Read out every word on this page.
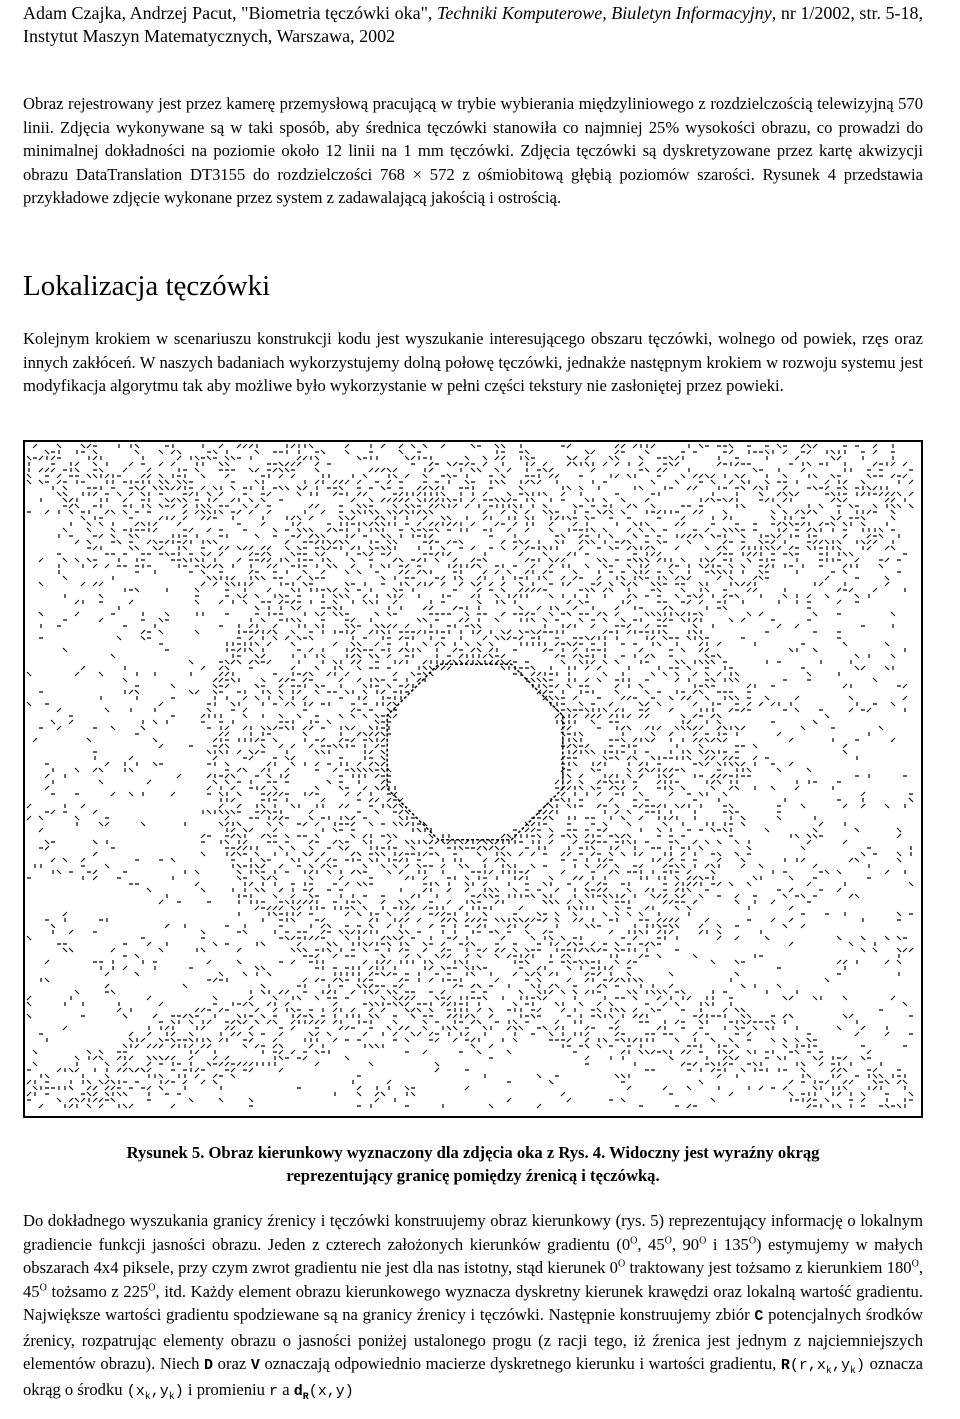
Adam Czajka, Andrzej Pacut, "Biometria tęczówki oka", Techniki Komputerowe, Biuletyn Informacyjny, nr 1/2002, str. 5-18, Instytut Maszyn Matematycznych, Warszawa, 2002
Obraz rejestrowany jest przez kamerę przemysłową pracującą w trybie wybierania międzyliniowego z rozdzielczością telewizyjną 570 linii. Zdjęcia wykonywane są w taki sposób, aby średnica tęczówki stanowiła co najmniej 25% wysokości obrazu, co prowadzi do minimalnej dokładności na poziomie około 12 linii na 1 mm tęczówki. Zdjęcia tęczówki są dyskretyzowane przez kartę akwizycji obrazu DataTranslation DT3155 do rozdzielczości 768 × 572 z ośmiobitową głębią poziomów szarości. Rysunek 4 przedstawia przykładowe zdjęcie wykonane przez system z zadawalającą jakością i ostrością.
Lokalizacja tęczówki
Kolejnym krokiem w scenariuszu konstrukcji kodu jest wyszukanie interesującego obszaru tęczówki, wolnego od powiek, rzęs oraz innych zakłóceń. W naszych badaniach wykorzystujemy dolną połowę tęczówki, jednakże następnym krokiem w rozwoju systemu jest modyfikacja algorytmu tak aby możliwe było wykorzystanie w pełni części tekstury nie zasłoniętej przez powieki.
Rysunek 5. Obraz kierunkowy wyznaczony dla zdjęcia oka z Rys. 4. Widoczny jest wyraźny okrąg
reprezentujący granicę pomiędzy źrenicą i tęczówką.
Do dokładnego wyszukania granicy źrenicy i tęczówki konstruujemy obraz kierunkowy (rys. 5) reprezentujący informację o lokalnym gradiencie funkcji jasności obrazu. Jeden z czterech założonych kierunków gradientu ($0^O$, $45^O$, $90^O$ i $135^O$) estymujemy w małych obszarach 4x4 piksele, przy czym zwrot gradientu nie jest dla nas istotny, stąd kierunek $0^O$ traktowany jest tożsamo z kierunkiem $180^O$, $45^O$ tożsamo z $225^O$, itd. Każdy element obrazu kierunkowego wyznacza dyskretny kierunek krawędzi oraz lokalną wartość gradientu. Największe wartości gradientu spodziewane są na granicy źrenicy i tęczówki. Następnie konstruujemy zbiór C potencjalnych środków źrenicy, rozpatrując elementy obrazu o jasności poniżej ustalonego progu (z racji tego, iż źrenica jest jednym z najciemniejszych elementów obrazu). Niech D oraz V oznaczają odpowiednio macierze dyskretnego kierunku i wartości gradientu, $R(r,x_k,y_k)$ oznacza okrąg o środku $(x_k,y_k)$ i promieniu r a $d_R(x,y)$
